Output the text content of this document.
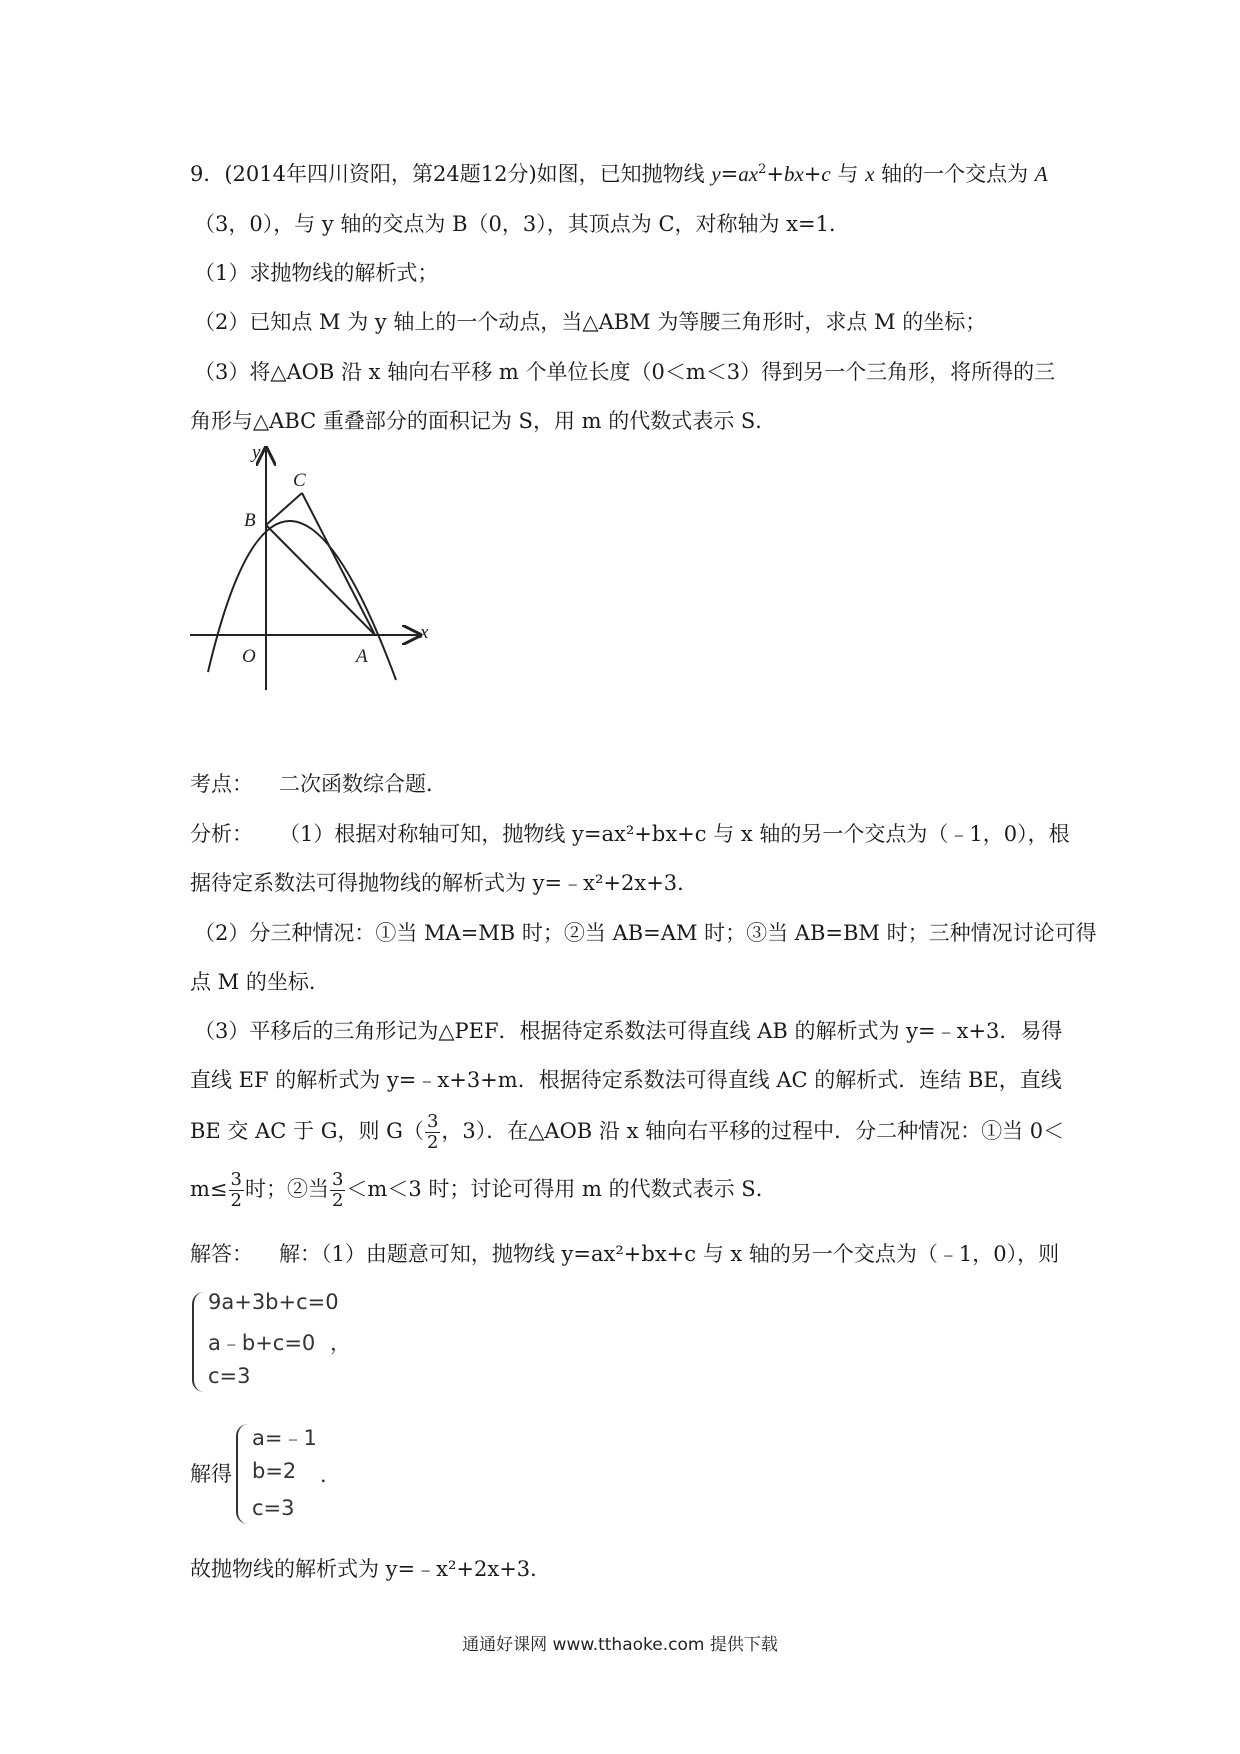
9．(2014年四川资阳，第24题12分)如图，已知抛物线 $y=ax^2+bx+c$ 与 x 轴的一个交点为 A
（3，0），与 y 轴的交点为 B（0，3），其顶点为 C，对称轴为 x=1．
（1）求抛物线的解析式；
（2）已知点 M 为 y 轴上的一个动点，当△ABM 为等腰三角形时，求点 M 的坐标；
（3）将△AOB 沿 x 轴向右平移 m 个单位长度（0＜m＜3）得到另一个三角形，将所得的三
角形与△ABC 重叠部分的面积记为 S，用 m 的代数式表示 S．
y
x
O	A
B
C
考点： 二次函数综合题．
分析： （1）根据对称轴可知，抛物线 y=ax²+bx+c 与 x 轴的另一个交点为（﹣1，0），根
据待定系数法可得抛物线的解析式为 y=﹣x²+2x+3．
（2）分三种情况：①当 MA=MB 时；②当 AB=AM 时；③当 AB=BM 时；三种情况讨论可得
点 M 的坐标．
（3）平移后的三角形记为△PEF．根据待定系数法可得直线 AB 的解析式为 y=﹣x+3．易得
直线 EF 的解析式为 y=﹣x+3+m．根据待定系数法可得直线 AC 的解析式．连结 BE，直线
BE 交 AC 于 G，则 $G( \frac{3}{2}$ ，3）．在△AOB 沿 x 轴向右平移的过程中．分二种情况：①当 0＜
$m\le \frac{3}{2}$ 时；②当 $\frac{3}{2} <m<3$ 时；讨论可得用 m 的代数式表示 S．
解答： 解：（1）由题意可知，抛物线 y=ax²+bx+c 与 x 轴的另一个交点为（﹣1，0），则
9a+3b+c=0
a﹣b+c=0 ，
c=3
解得
a=﹣1
b=2 ．
c=3
故抛物线的解析式为 y=﹣x²+2x+3．
通通好课网 www.tthaoke.com 提供下载
